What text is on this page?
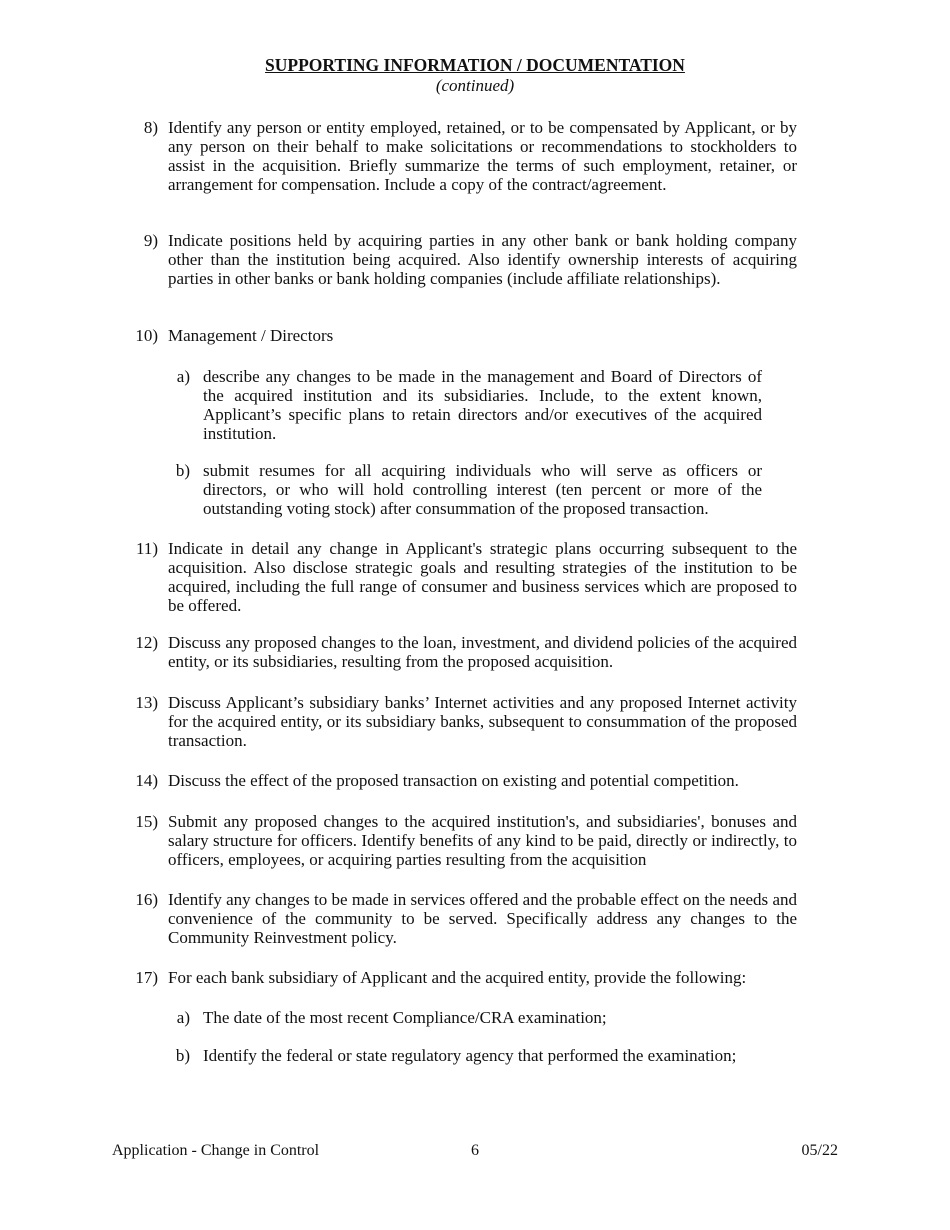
SUPPORTING INFORMATION / DOCUMENTATION
(continued)
8) Identify any person or entity employed, retained, or to be compensated by Applicant, or by any person on their behalf to make solicitations or recommendations to stockholders to assist in the acquisition. Briefly summarize the terms of such employment, retainer, or arrangement for compensation. Include a copy of the contract/agreement.
9) Indicate positions held by acquiring parties in any other bank or bank holding company other than the institution being acquired. Also identify ownership interests of acquiring parties in other banks or bank holding companies (include affiliate relationships).
10) Management / Directors
a) describe any changes to be made in the management and Board of Directors of the acquired institution and its subsidiaries. Include, to the extent known, Applicant’s specific plans to retain directors and/or executives of the acquired institution.
b) submit resumes for all acquiring individuals who will serve as officers or directors, or who will hold controlling interest (ten percent or more of the outstanding voting stock) after consummation of the proposed transaction.
11) Indicate in detail any change in Applicant's strategic plans occurring subsequent to the acquisition. Also disclose strategic goals and resulting strategies of the institution to be acquired, including the full range of consumer and business services which are proposed to be offered.
12) Discuss any proposed changes to the loan, investment, and dividend policies of the acquired entity, or its subsidiaries, resulting from the proposed acquisition.
13) Discuss Applicant’s subsidiary banks’ Internet activities and any proposed Internet activity for the acquired entity, or its subsidiary banks, subsequent to consummation of the proposed transaction.
14) Discuss the effect of the proposed transaction on existing and potential competition.
15) Submit any proposed changes to the acquired institution's, and subsidiaries', bonuses and salary structure for officers. Identify benefits of any kind to be paid, directly or indirectly, to officers, employees, or acquiring parties resulting from the acquisition
16) Identify any changes to be made in services offered and the probable effect on the needs and convenience of the community to be served. Specifically address any changes to the Community Reinvestment policy.
17) For each bank subsidiary of Applicant and the acquired entity, provide the following:
a) The date of the most recent Compliance/CRA examination;
b) Identify the federal or state regulatory agency that performed the examination;
Application - Change in Control	6	05/22
